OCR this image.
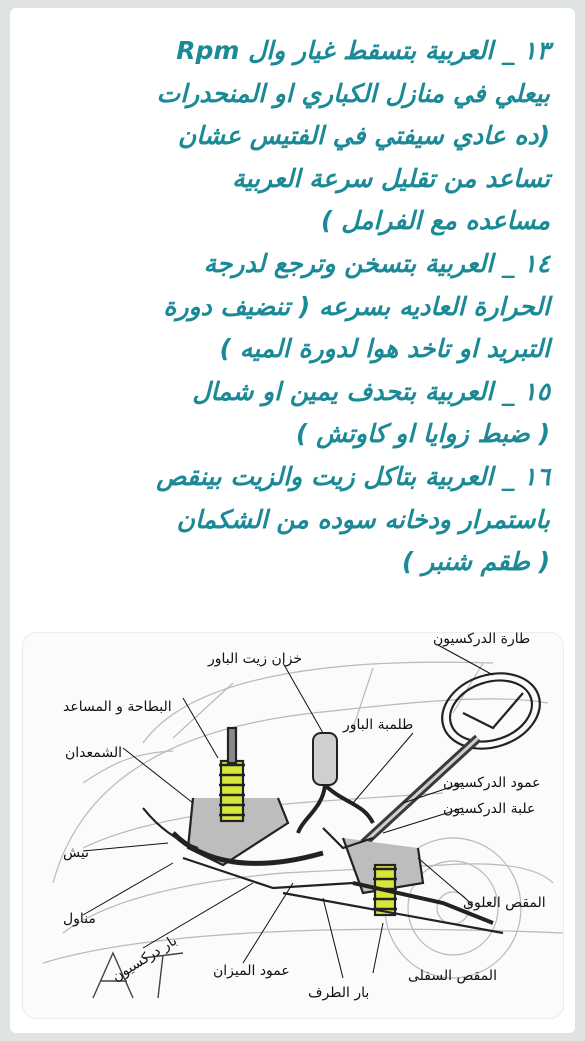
١٣ _ العربية بتسقط غيار وال Rpm
بيعلي في منازل الكباري او المنحدرات
(ده عادي سيفتي في الفتيس عشان
تساعد من تقليل سرعة العربية
مساعده مع الفرامل )
١٤ _ العربية بتسخن وترجع لدرجة
الحرارة العاديه بسرعه ( تنضيف دورة
التبريد او تاخد هوا لدورة الميه )
١٥ _ العربية بتحدف يمين او شمال
( ضبط زوايا او كاوتش )
١٦ _ العربية بتاكل زيت والزيت بينقص
باستمرار ودخانه سوده من الشكمان
( طقم شنبر )
طارة الدركسيون
خزان زيت الباور
البطاحة و المساعد
طلمبة الباور
الشمعدان
عمود الدركسيون
علبة الدركسيون
تيش
المقص العلوى
مناول
بار دركسيون عمود الميزان	المقص السفلى
بار الطرف
